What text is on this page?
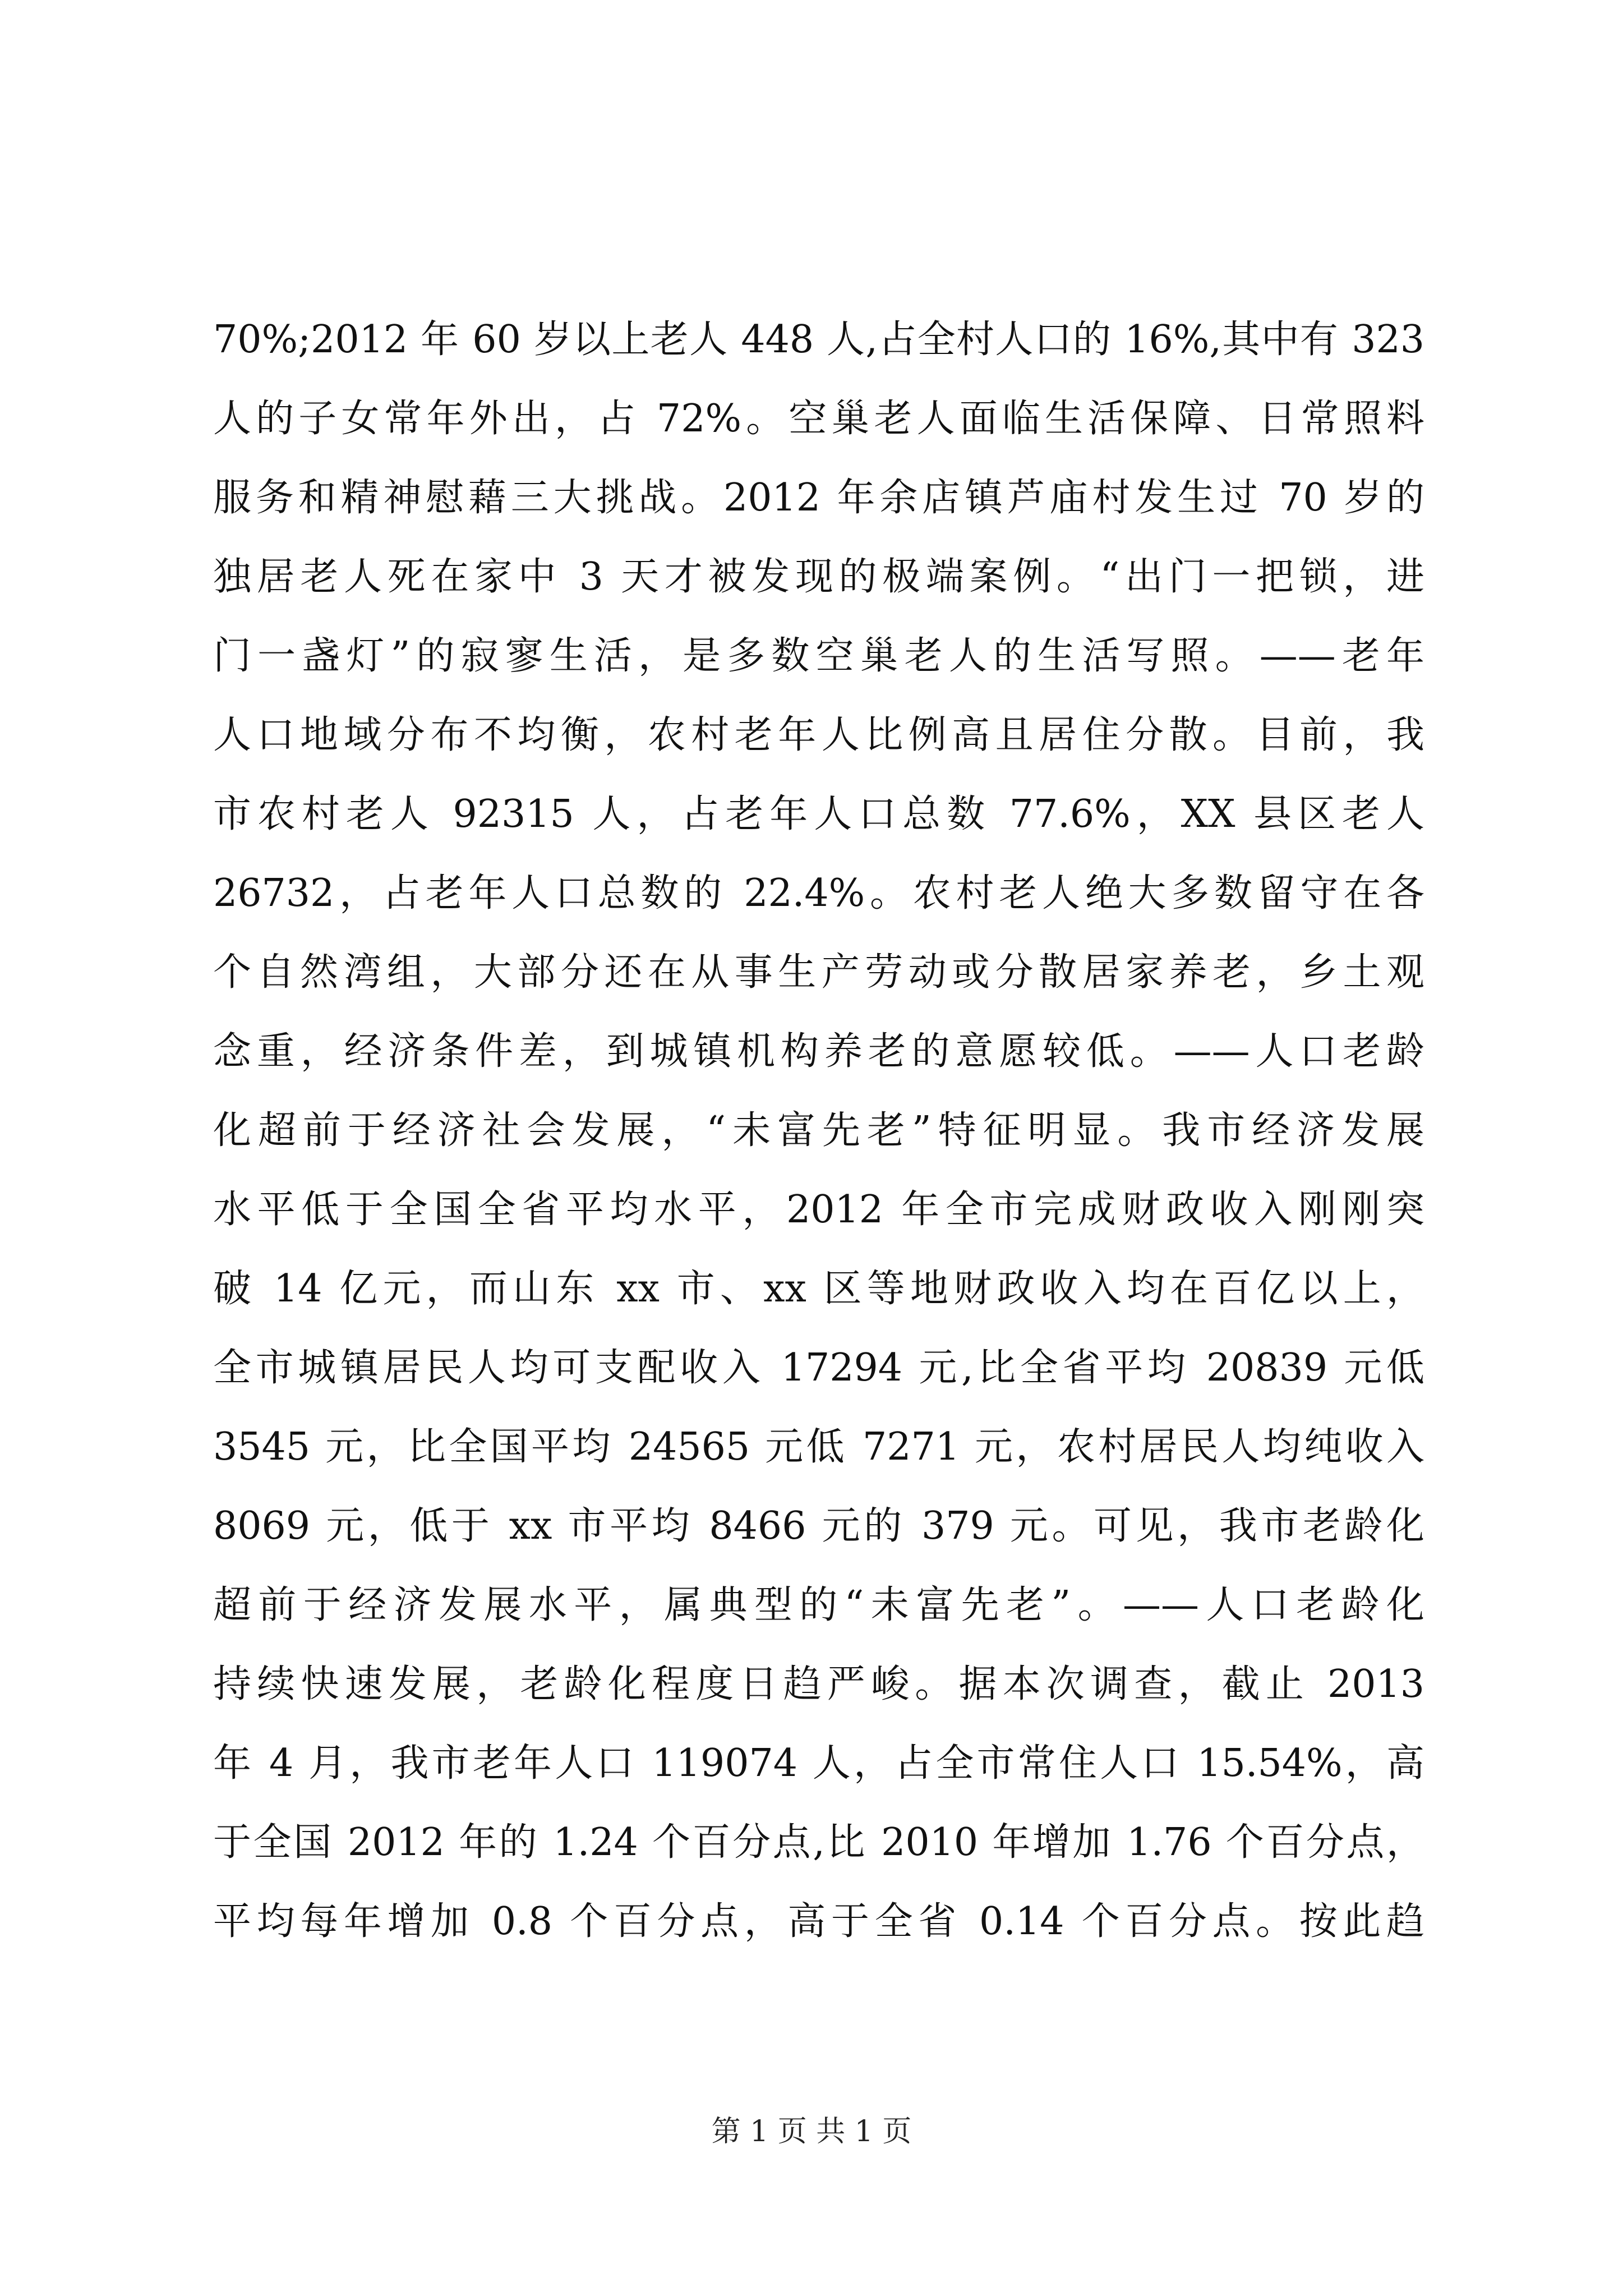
70%;2012 年 60 岁以上老人 448 人,占全村人口的 16%,其中有 323
人的子女常年外出，占 72%。空巢老人面临生活保障、日常照料
服务和精神慰藉三大挑战。2012 年余店镇芦庙村发生过 70 岁的
独居老人死在家中 3 天才被发现的极端案例。“出门一把锁，进
门一盏灯”的寂寥生活，是多数空巢老人的生活写照。——老年
人口地域分布不均衡，农村老年人比例高且居住分散。目前，我
市农村老人 92315 人，占老年人口总数 77.6%，XX 县区老人
26732，占老年人口总数的 22.4%。农村老人绝大多数留守在各
个自然湾组，大部分还在从事生产劳动或分散居家养老，乡土观
念重，经济条件差，到城镇机构养老的意愿较低。——人口老龄
化超前于经济社会发展，“未富先老”特征明显。我市经济发展
水平低于全国全省平均水平，2012 年全市完成财政收入刚刚突
破 14 亿元，而山东 xx 市、xx 区等地财政收入均在百亿以上，
全市城镇居民人均可支配收入 17294 元,比全省平均 20839 元低
3545 元，比全国平均 24565 元低 7271 元，农村居民人均纯收入
8069 元，低于 xx 市平均 8466 元的 379 元。可见，我市老龄化
超前于经济发展水平，属典型的“未富先老”。——人口老龄化
持续快速发展，老龄化程度日趋严峻。据本次调查，截止 2013
年 4 月，我市老年人口 119074 人，占全市常住人口 15.54%，高
于全国 2012 年的 1.24 个百分点,比 2010 年增加 1.76 个百分点，
平均每年增加 0.8 个百分点，高于全省 0.14 个百分点。按此趋
第 1 页 共 1 页
